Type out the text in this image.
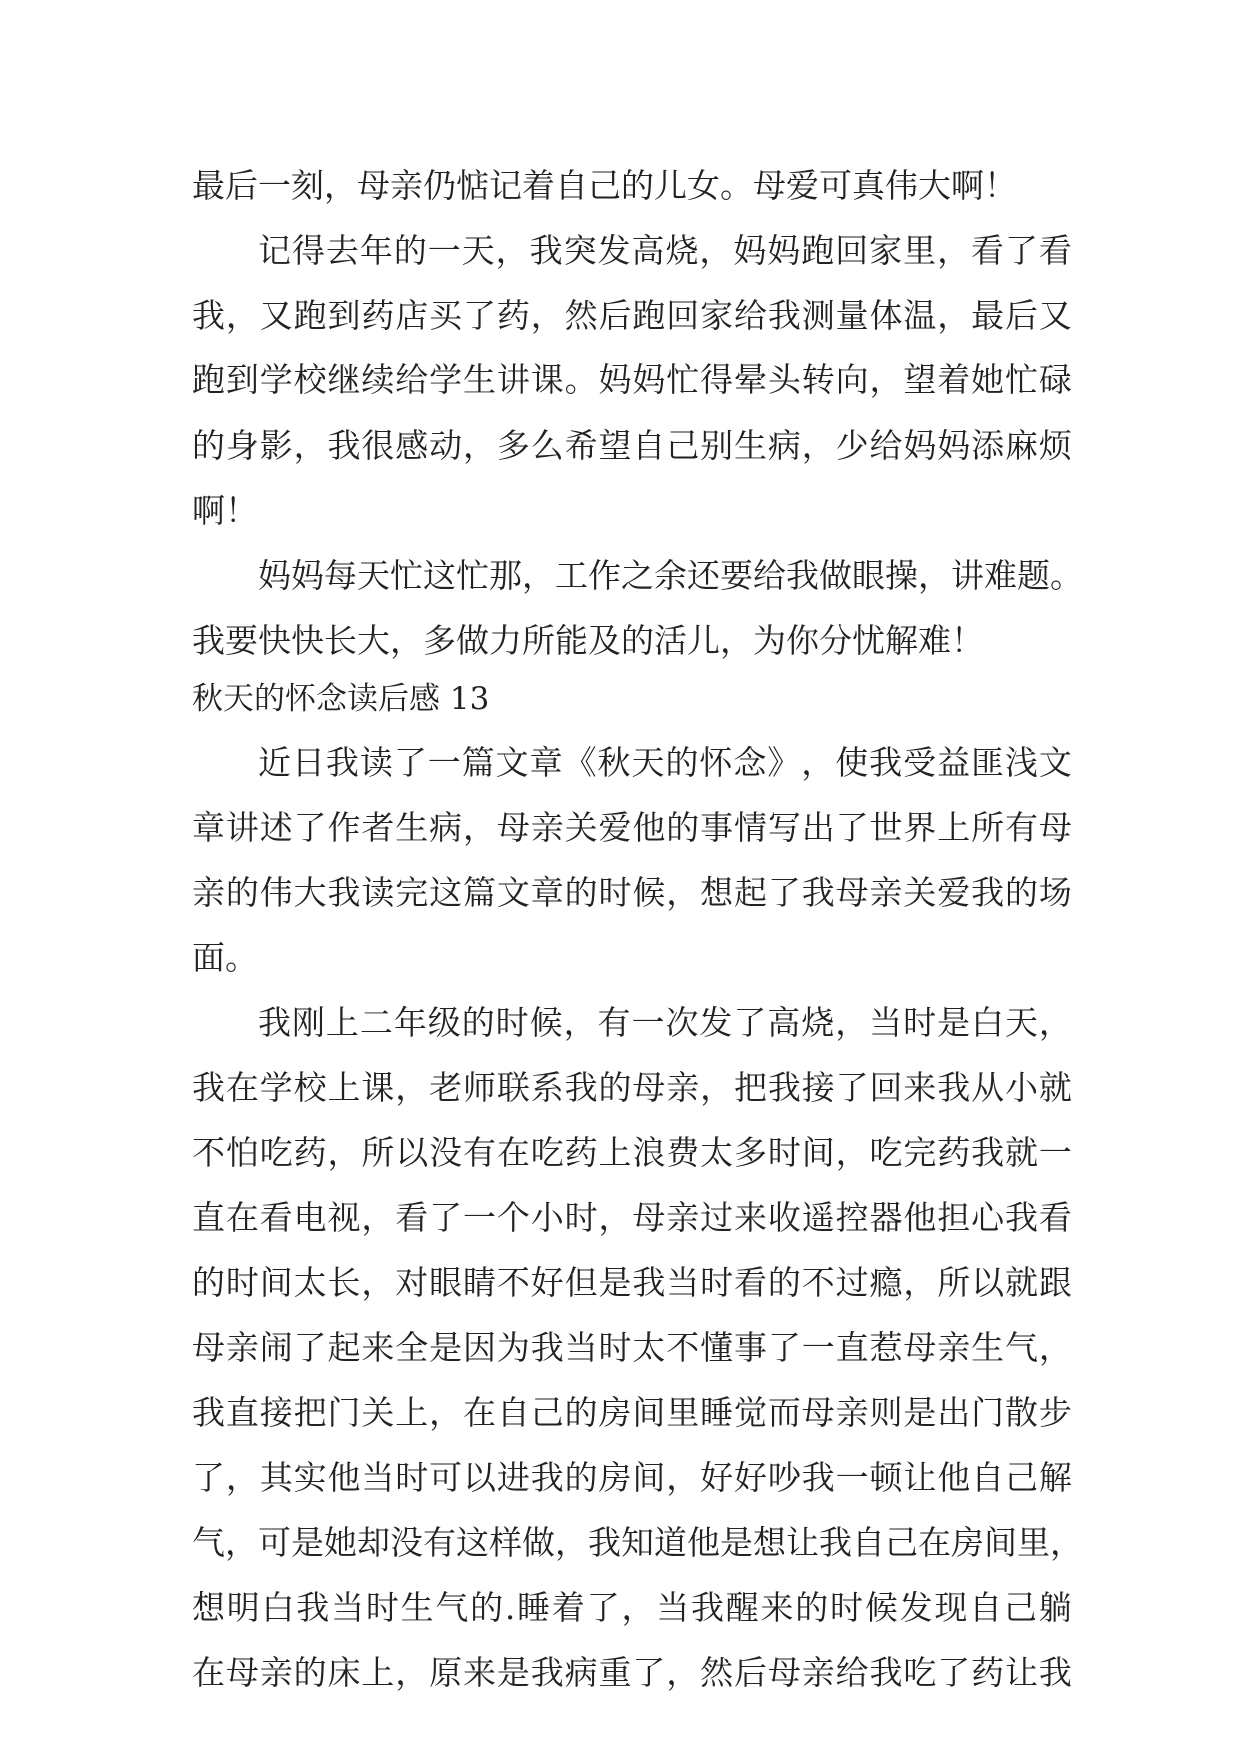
最后一刻，母亲仍惦记着自己的儿女。母爱可真伟大啊！
记 得 去 年 的 一 天 ， 我 突 发 高 烧 ， 妈 妈 跑 回 家 里 ， 看 了 看
我 ， 又 跑 到 药 店 买 了 药 ， 然 后 跑 回 家 给 我 测 量 体 温 ， 最 后 又
跑 到 学 校 继 续 给 学 生 讲 课 。 妈 妈 忙 得 晕 头 转 向 ， 望 着 她 忙 碌
的 身 影 ， 我 很 感 动 ， 多 么 希 望 自 己 别 生 病 ， 少 给 妈 妈 添 麻 烦
啊！
妈 妈 每 天 忙 这 忙 那 ， 工 作 之 余 还 要 给 我 做 眼 操 ， 讲 难 题 。
我要快快长大，多做力所能及的活儿，为你分忧解难！
秋天的怀念读后感 13
近 日 我 读 了 一 篇 文 章 《 秋 天 的 怀 念 》 ， 使 我 受 益 匪 浅 文
章 讲 述 了 作 者 生 病 ， 母 亲 关 爱 他 的 事 情 写 出 了 世 界 上 所 有 母
亲 的 伟 大 我 读 完 这 篇 文 章 的 时 候 ， 想 起 了 我 母 亲 关 爱 我 的 场
面。
我 刚 上 二 年 级 的 时 候 ， 有 一 次 发 了 高 烧 ， 当 时 是 白 天 ，
我 在 学 校 上 课 ， 老 师 联 系 我 的 母 亲 ， 把 我 接 了 回 来 我 从 小 就
不 怕 吃 药 ， 所 以 没 有 在 吃 药 上 浪 费 太 多 时 间 ， 吃 完 药 我 就 一
直 在 看 电 视 ， 看 了 一 个 小 时 ， 母 亲 过 来 收 遥 控 器 他 担 心 我 看
的 时 间 太 长 ， 对 眼 睛 不 好 但 是 我 当 时 看 的 不 过 瘾 ， 所 以 就 跟
母 亲 闹 了 起 来 全 是 因 为 我 当 时 太 不 懂 事 了 一 直 惹 母 亲 生 气 ，
我 直 接 把 门 关 上 ， 在 自 己 的 房 间 里 睡 觉 而 母 亲 则 是 出 门 散 步
了 ， 其 实 他 当 时 可 以 进 我 的 房 间 ， 好 好 吵 我 一 顿 让 他 自 己 解
气 ， 可 是 她 却 没 有 这 样 做 ， 我 知 道 他 是 想 让 我 自 己 在 房 间 里 ，
想 明 白 我 当 时 生 气 的 . 睡 着 了 ， 当 我 醒 来 的 时 候 发 现 自 己 躺
在 母 亲 的 床 上 ， 原 来 是 我 病 重 了 ， 然 后 母 亲 给 我 吃 了 药 让 我
